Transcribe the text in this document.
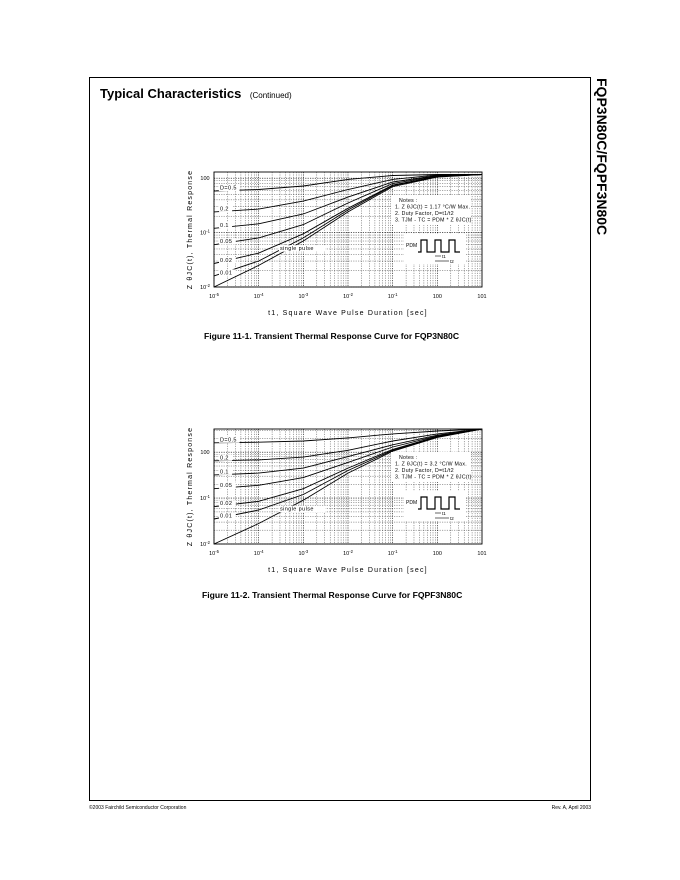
Typical Characteristics (Continued)	FQP3N80C/FQPF3N80C
$10^{-5}$	$10^{-4}$	$10^{-3}$	$10^{-2}$	$10^{-1}$	100	101
$10^{-2}$
$10^{-1}$
100
t1, Square Wave Pulse Duration [sec]
Z θJC(t), Thermal Response	D=0.5
0.2
0.1
0.05
0.02
0.01
single pulse
Notes :
1. Z θJC(t) = 1.17 °C/W Max.
2. Duty Factor, D=t1/t2
3. TJM - TC = PDM * Z θJC(t)
PDM
t1
t2
Figure 11-1. Transient Thermal Response Curve for FQP3N80C
$10^{-5}$	$10^{-4}$	$10^{-3}$	$10^{-2}$	$10^{-1}$	100	101
$10^{-2}$
$10^{-1}$
100
t1, Square Wave Pulse Duration [sec]
Z θJC(t), Thermal Response	D=0.5
0.2
0.1
0.05
0.02
0.01
single pulse
Notes :
1. Z θJC(t) = 3.2 °C/W Max.
2. Duty Factor, D=t1/t2
3. TJM - TC = PDM * Z θJC(t)
PDM
t1
t2
Figure 11-2. Transient Thermal Response Curve for FQPF3N80C
©2003 Fairchild Semiconductor Corporation	Rev. A, April 2003
